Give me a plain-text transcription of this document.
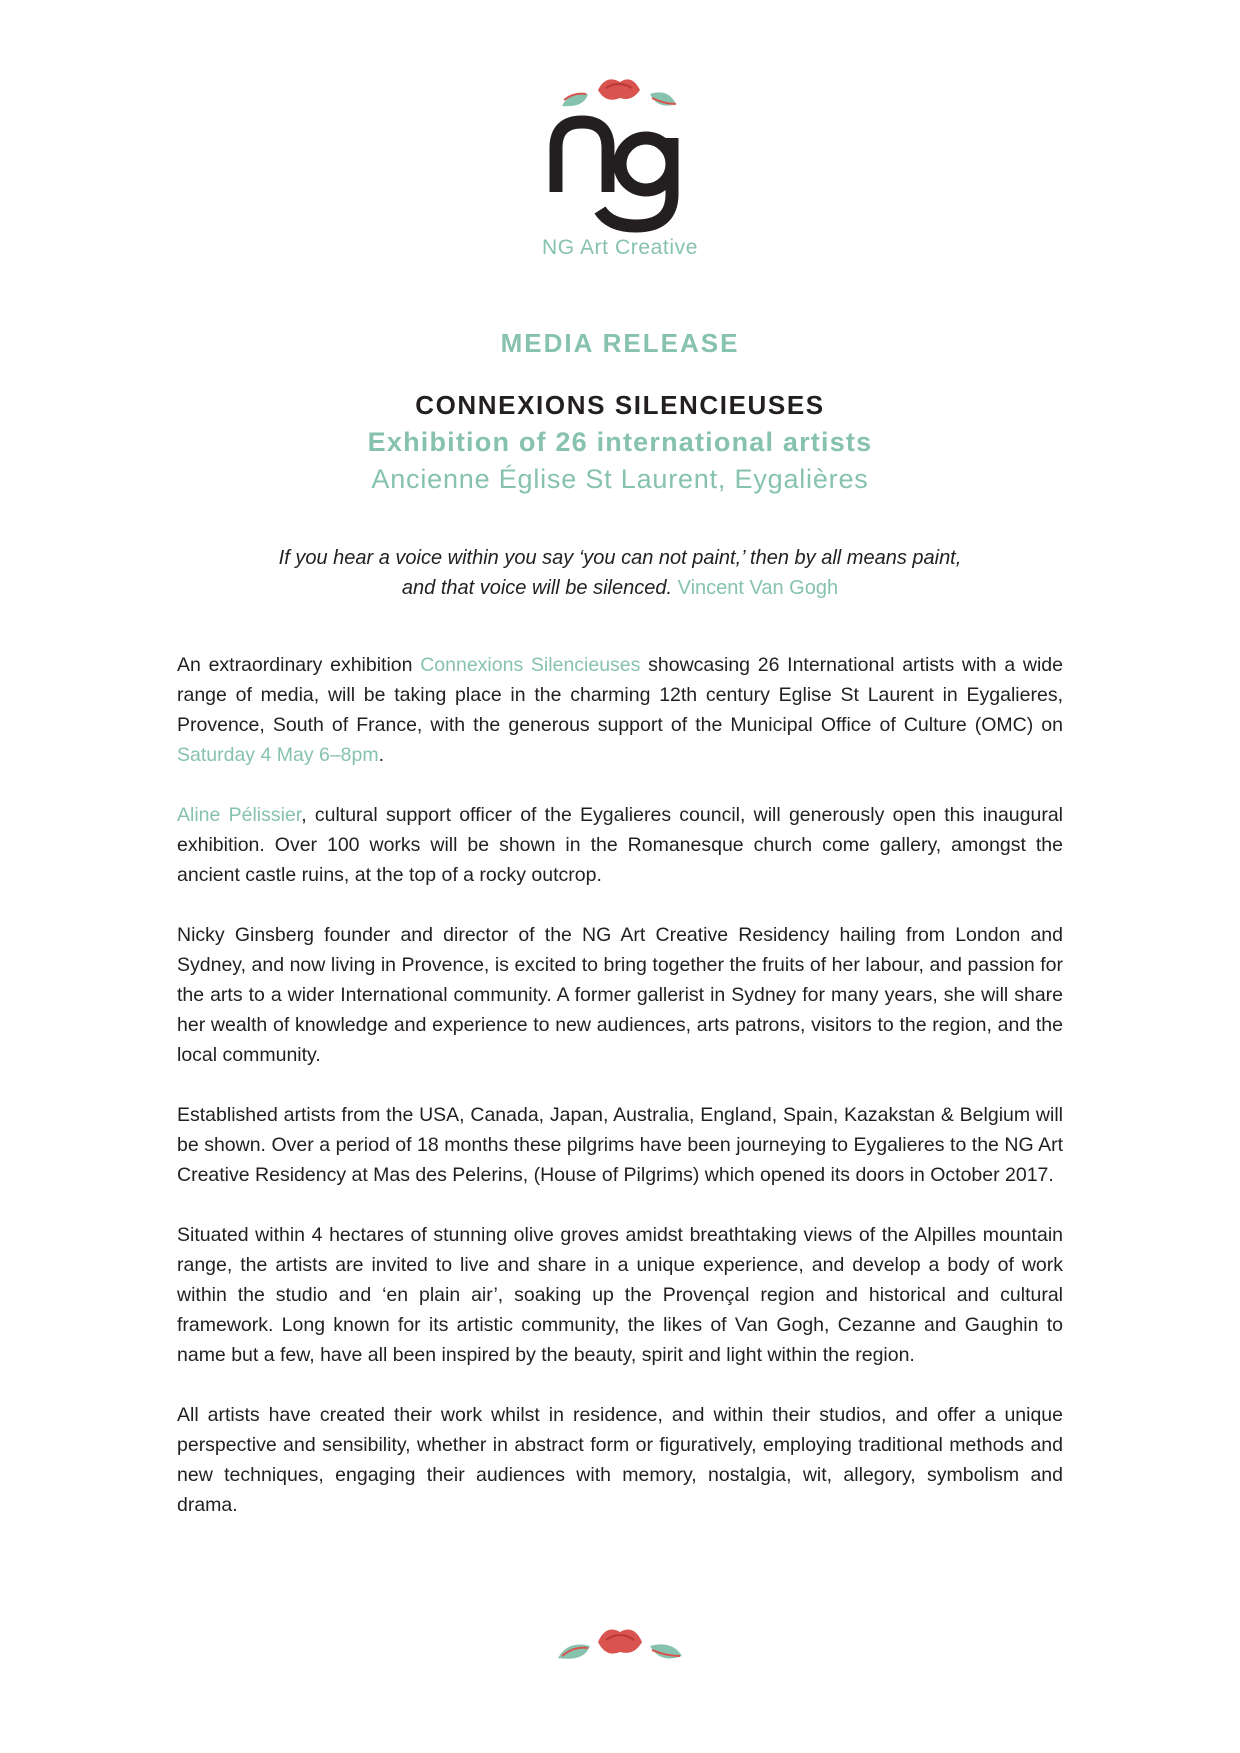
NG Art Creative
MEDIA RELEASE
CONNEXIONS SILENCIEUSES
Exhibition of 26 international artists
Ancienne Église St Laurent, Eygalières
If you hear a voice within you say ‘you can not paint,’ then by all means paint,
and that voice will be silenced. Vincent Van Gogh

An extraordinary exhibition Connexions Silencieuses showcasing 26 International artists with a wide range of media, will be taking place in the charming 12th century Eglise St Laurent in Eygalieres, Provence, South of France, with the generous support of the Municipal Office of Culture (OMC) on Saturday 4 May 6–8pm.

Aline Pélissier, cultural support officer of the Eygalieres council, will generously open this inaugural exhibition. Over 100 works will be shown in the Romanesque church come gallery, amongst the ancient castle ruins, at the top of a rocky outcrop.

Nicky Ginsberg founder and director of the NG Art Creative Residency hailing from London and Sydney, and now living in Provence, is excited to bring together the fruits of her labour, and passion for the arts to a wider International community. A former gallerist in Sydney for many years, she will share her wealth of knowledge and experience to new audiences, arts patrons, visitors to the region, and the local community.

Established artists from the USA, Canada, Japan, Australia, England, Spain, Kazakstan & Belgium will be shown. Over a period of 18 months these pilgrims have been journeying to Eygalieres to the NG Art Creative Residency at Mas des Pelerins, (House of Pilgrims) which opened its doors in October 2017.

Situated within 4 hectares of stunning olive groves amidst breathtaking views of the Alpilles mountain range, the artists are invited to live and share in a unique experience, and develop a body of work within the studio and ‘en plain air’, soaking up the Provençal region and historical and cultural framework. Long known for its artistic community, the likes of Van Gogh, Cezanne and Gaughin to name but a few, have all been inspired by the beauty, spirit and light within the region.

All artists have created their work whilst in residence, and within their studios, and offer a unique perspective and sensibility, whether in abstract form or figuratively, employing traditional methods and new techniques, engaging their audiences with memory, nostalgia, wit, allegory, symbolism and drama.
